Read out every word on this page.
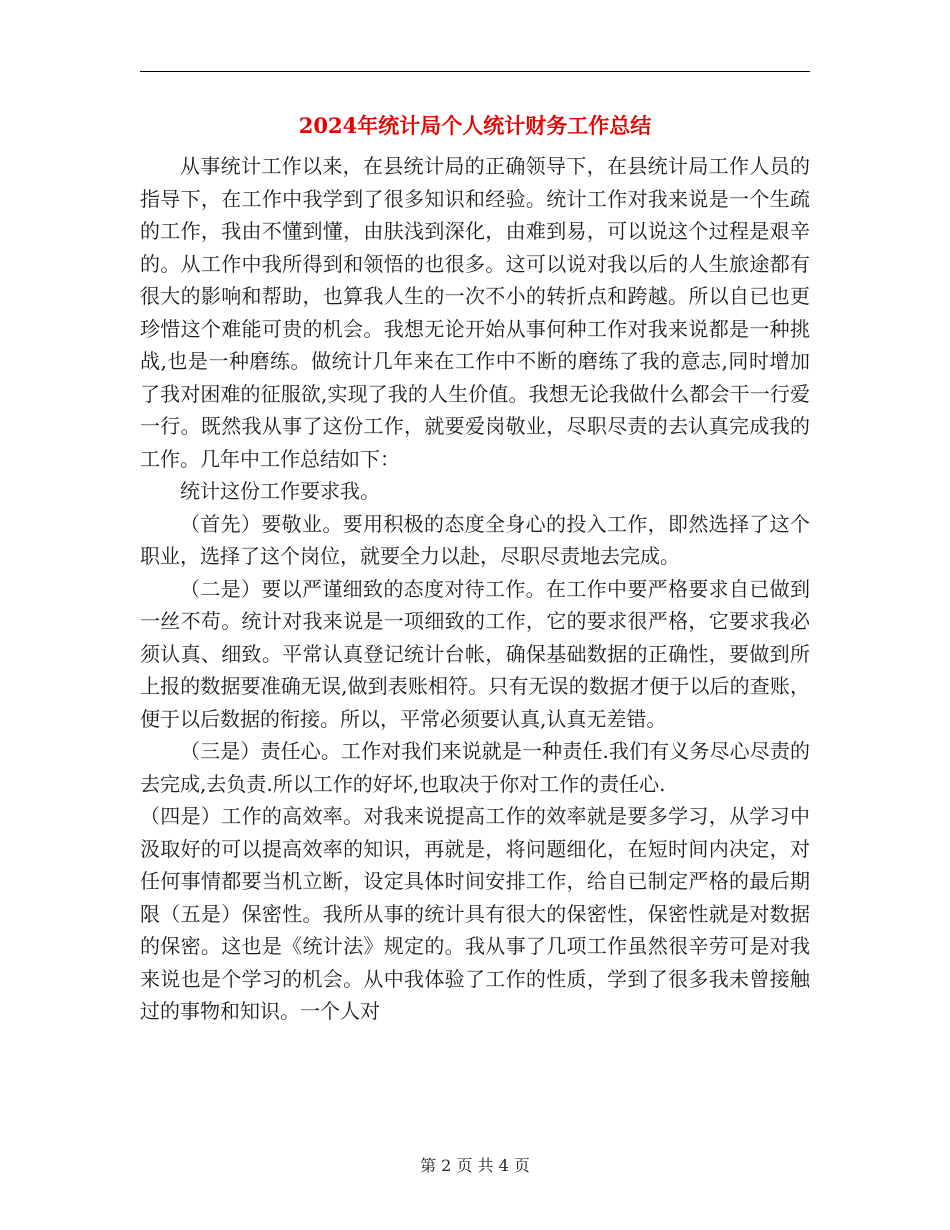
2024年统计局个人统计财务工作总结

从事统计工作以来，在县统计局的正确领导下，在县统计局工作人员的指导下，在工作中我学到了很多知识和经验。统计工作对我来说是一个生疏的工作，我由不懂到懂，由肤浅到深化，由难到易，可以说这个过程是艰辛的。从工作中我所得到和领悟的也很多。这可以说对我以后的人生旅途都有很大的影响和帮助，也算我人生的一次不小的转折点和跨越。所以自已也更珍惜这个难能可贵的机会。我想无论开始从事何种工作对我来说都是一种挑战,也是一种磨练。做统计几年来在工作中不断的磨练了我的意志,同时增加了我对困难的征服欲,实现了我的人生价值。我想无论我做什么都会干一行爱一行。既然我从事了这份工作，就要爱岗敬业，尽职尽责的去认真完成我的工作。几年中工作总结如下：

统计这份工作要求我。

（首先）要敬业。要用积极的态度全身心的投入工作，即然选择了这个职业，选择了这个岗位，就要全力以赴，尽职尽责地去完成。

（二是）要以严谨细致的态度对待工作。在工作中要严格要求自已做到一丝不苟。统计对我来说是一项细致的工作，它的要求很严格，它要求我必须认真、细致。平常认真登记统计台帐，确保基础数据的正确性，要做到所上报的数据要准确无误,做到表账相符。只有无误的数据才便于以后的查账，便于以后数据的衔接。所以，平常必须要认真,认真无差错。

（三是）责任心。工作对我们来说就是一种责任.我们有义务尽心尽责的去完成,去负责.所以工作的好坏,也取决于你对工作的责任心.

（四是）工作的高效率。对我来说提高工作的效率就是要多学习，从学习中汲取好的可以提高效率的知识，再就是，将问题细化，在短时间内决定，对任何事情都要当机立断，设定具体时间安排工作，给自已制定严格的最后期限（五是）保密性。我所从事的统计具有很大的保密性，保密性就是对数据的保密。这也是《统计法》规定的。我从事了几项工作虽然很辛劳可是对我来说也是个学习的机会。从中我体验了工作的性质，学到了很多我未曾接触过的事物和知识。一个人对

第 2 页 共 4 页
